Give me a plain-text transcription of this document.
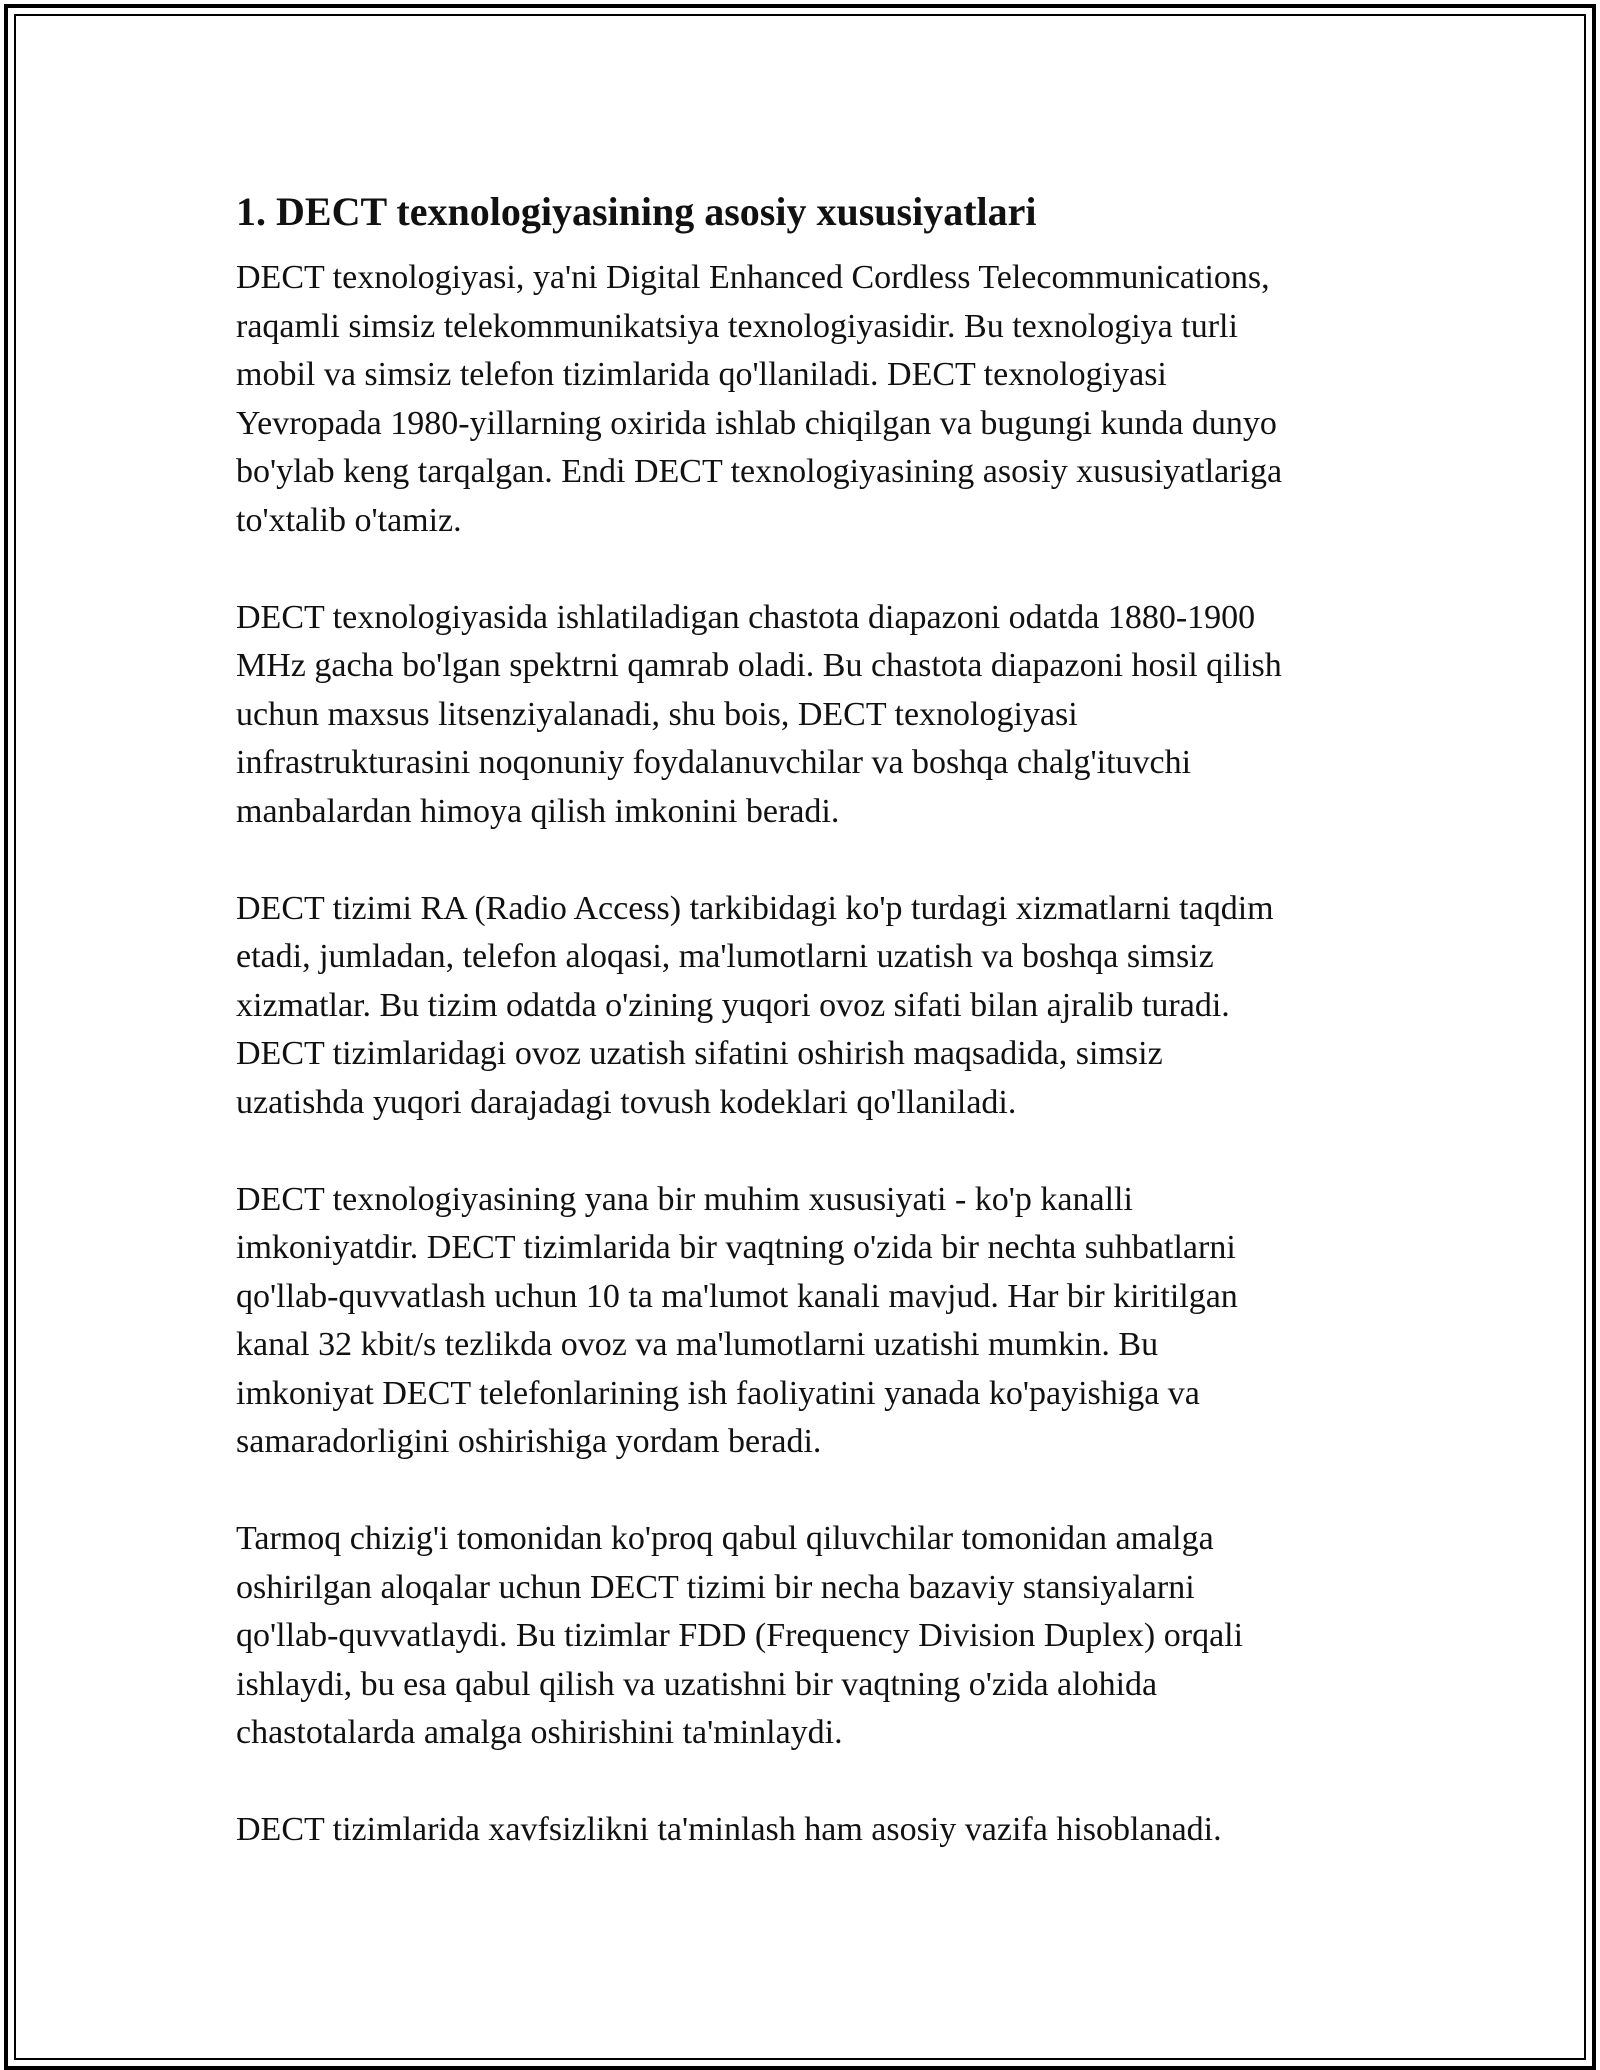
1. DECT texnologiyasining asosiy xususiyatlari
DECT texnologiyasi, ya'ni Digital Enhanced Cordless Telecommunications,
raqamli simsiz telekommunikatsiya texnologiyasidir. Bu texnologiya turli
mobil va simsiz telefon tizimlarida qo'llaniladi. DECT texnologiyasi
Yevropada 1980-yillarning oxirida ishlab chiqilgan va bugungi kunda dunyo
bo'ylab keng tarqalgan. Endi DECT texnologiyasining asosiy xususiyatlariga
to'xtalib o'tamiz.
DECT texnologiyasida ishlatiladigan chastota diapazoni odatda 1880-1900
MHz gacha bo'lgan spektrni qamrab oladi. Bu chastota diapazoni hosil qilish
uchun maxsus litsenziyalanadi, shu bois, DECT texnologiyasi
infrastrukturasini noqonuniy foydalanuvchilar va boshqa chalg'ituvchi
manbalardan himoya qilish imkonini beradi.
DECT tizimi RA (Radio Access) tarkibidagi ko'p turdagi xizmatlarni taqdim
etadi, jumladan, telefon aloqasi, ma'lumotlarni uzatish va boshqa simsiz
xizmatlar. Bu tizim odatda o'zining yuqori ovoz sifati bilan ajralib turadi.
DECT tizimlaridagi ovoz uzatish sifatini oshirish maqsadida, simsiz
uzatishda yuqori darajadagi tovush kodeklari qo'llaniladi.
DECT texnologiyasining yana bir muhim xususiyati - ko'p kanalli
imkoniyatdir. DECT tizimlarida bir vaqtning o'zida bir nechta suhbatlarni
qo'llab-quvvatlash uchun 10 ta ma'lumot kanali mavjud. Har bir kiritilgan
kanal 32 kbit/s tezlikda ovoz va ma'lumotlarni uzatishi mumkin. Bu
imkoniyat DECT telefonlarining ish faoliyatini yanada ko'payishiga va
samaradorligini oshirishiga yordam beradi.
Tarmoq chizig'i tomonidan ko'proq qabul qiluvchilar tomonidan amalga
oshirilgan aloqalar uchun DECT tizimi bir necha bazaviy stansiyalarni
qo'llab-quvvatlaydi. Bu tizimlar FDD (Frequency Division Duplex) orqali
ishlaydi, bu esa qabul qilish va uzatishni bir vaqtning o'zida alohida
chastotalarda amalga oshirishini ta'minlaydi.
DECT tizimlarida xavfsizlikni ta'minlash ham asosiy vazifa hisoblanadi.
